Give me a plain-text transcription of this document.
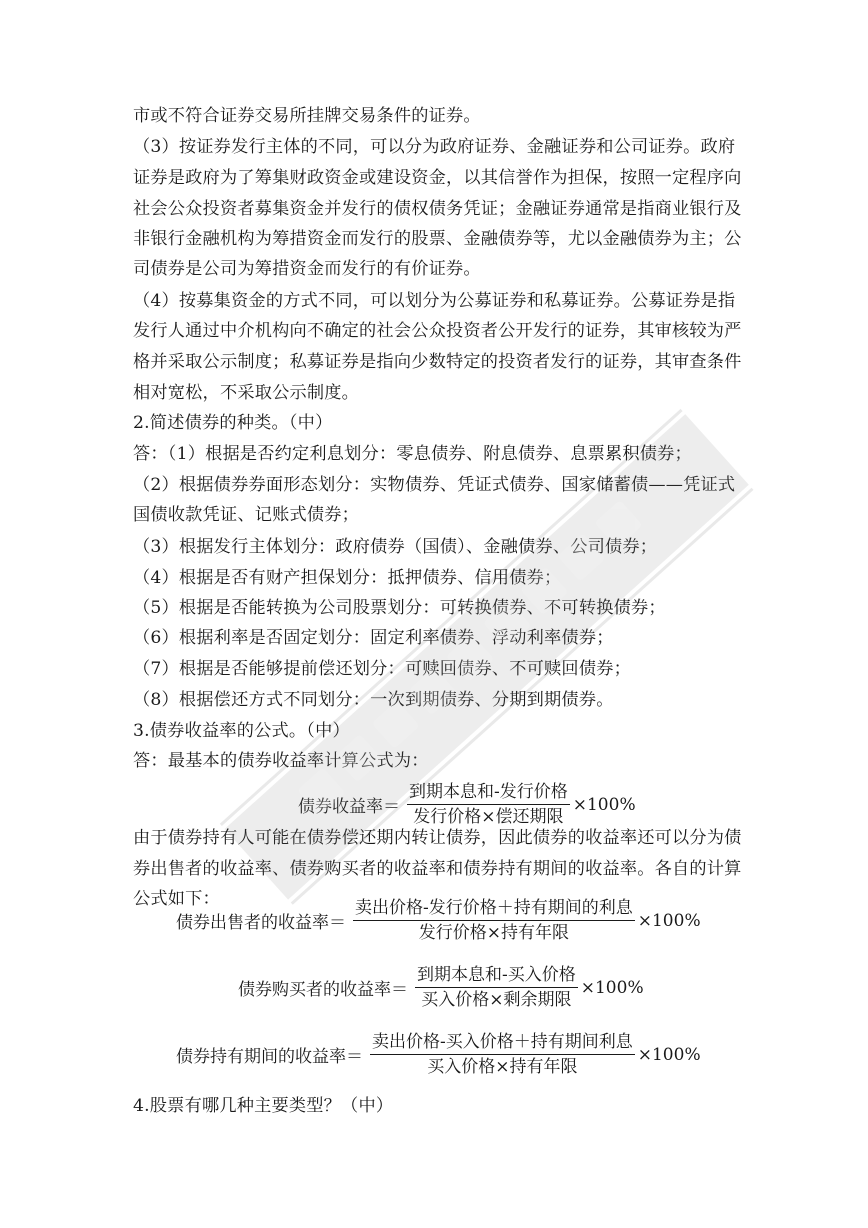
市或不符合证券交易所挂牌交易条件的证券。
（3）按证券发行主体的不同，可以分为政府证券、金融证券和公司证券。政府
证券是政府为了筹集财政资金或建设资金，以其信誉作为担保，按照一定程序向
社会公众投资者募集资金并发行的债权债务凭证；金融证券通常是指商业银行及
非银行金融机构为筹措资金而发行的股票、金融债券等，尤以金融债券为主；公
司债券是公司为筹措资金而发行的有价证券。
（4）按募集资金的方式不同，可以划分为公募证券和私募证券。公募证券是指
发行人通过中介机构向不确定的社会公众投资者公开发行的证券，其审核较为严
格并采取公示制度；私募证券是指向少数特定的投资者发行的证券，其审查条件
相对宽松，不采取公示制度。
2.简述债券的种类。（中）
答：（1）根据是否约定利息划分：零息债券、附息债券、息票累积债券；
（2）根据债券券面形态划分：实物债券、凭证式债券、国家储蓄债——凭证式
国债收款凭证、记账式债券；
（3）根据发行主体划分：政府债券（国债）、金融债券、公司债券；
（4）根据是否有财产担保划分：抵押债券、信用债券；
（5）根据是否能转换为公司股票划分：可转换债券、不可转换债券；
（6）根据利率是否固定划分：固定利率债券、浮动利率债券；
（7）根据是否能够提前偿还划分：可赎回债券、不可赎回债券；
（8）根据偿还方式不同划分：一次到期债券、分期到期债券。
3.债券收益率的公式。（中）
答：最基本的债券收益率计算公式为：
债券收益率＝ $\frac{\text{到期本息和-发行价格}}{\text{发行价格×偿还期限}} \times 100\%$
由于债券持有人可能在债券偿还期内转让债券，因此债券的收益率还可以分为债
券出售者的收益率、债券购买者的收益率和债券持有期间的收益率。各自的计算
公式如下：
债券出售者的收益率＝ $\frac{\text{卖出价格-发行价格＋持有期间的利息}}{\text{发行价格×持有年限}} \times 100\%$
债券购买者的收益率＝ $\frac{\text{到期本息和-买入价格}}{\text{买入价格×剩余期限}} \times 100\%$
债券持有期间的收益率＝ $\frac{\text{卖出价格-买入价格＋持有期间利息}}{\text{买入价格×持有年限}} \times 100\%$
4.股票有哪几种主要类型？（中）
